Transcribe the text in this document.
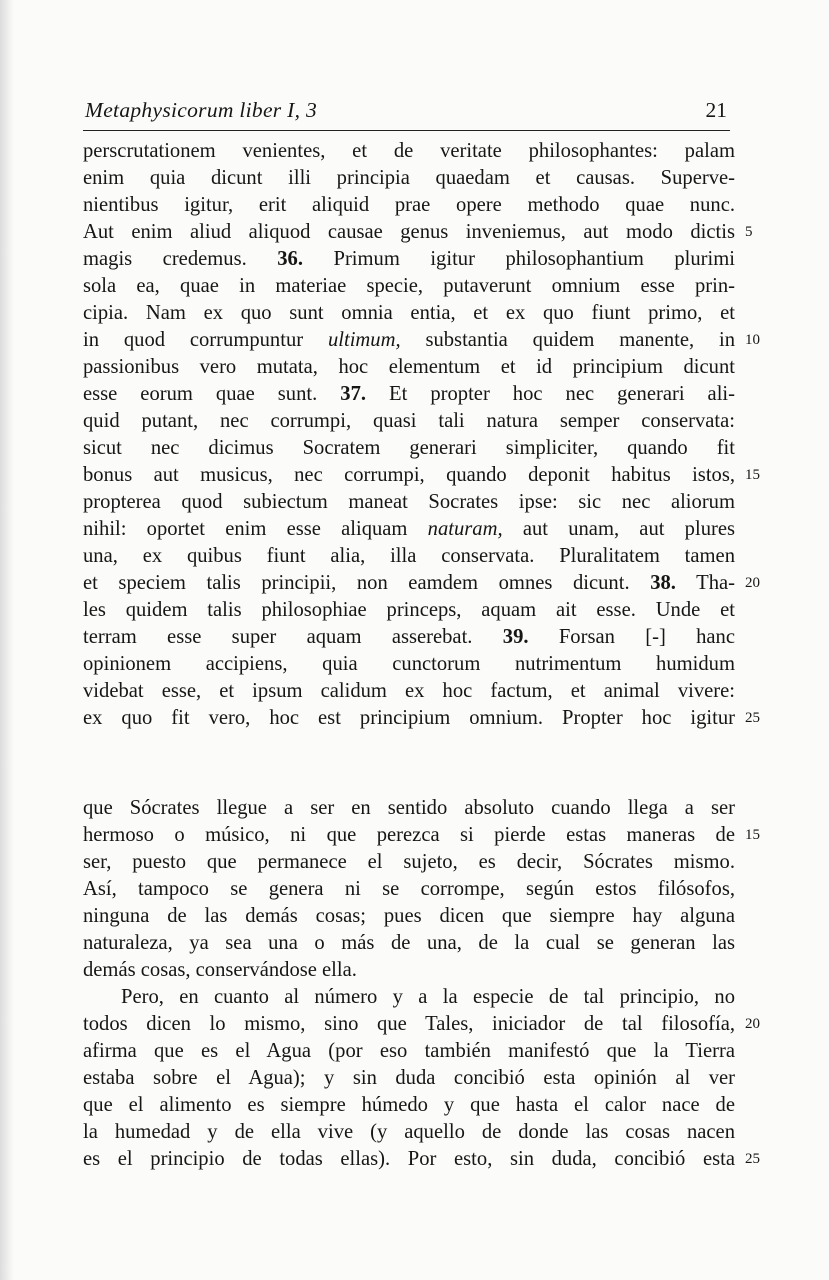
Metaphysicorum liber I, 3	21
perscrutationem venientes, et de veritate philosophantes: palam
enim quia dicunt illi principia quaedam et causas. Superve-
nientibus igitur, erit aliquid prae opere methodo quae nunc.
Aut enim aliud aliquod causae genus inveniemus, aut modo dictis 5
magis credemus. 36. Primum igitur philosophantium plurimi
sola ea, quae in materiae specie, putaverunt omnium esse prin-
cipia. Nam ex quo sunt omnia entia, et ex quo fiunt primo, et
in quod corrumpuntur ultimum, substantia quidem manente, in 10
passionibus vero mutata, hoc elementum et id principium dicunt
esse eorum quae sunt. 37. Et propter hoc nec generari ali-
quid putant, nec corrumpi, quasi tali natura semper conservata:
sicut nec dicimus Socratem generari simpliciter, quando fit
bonus aut musicus, nec corrumpi, quando deponit habitus istos, 15
propterea quod subiectum maneat Socrates ipse: sic nec aliorum
nihil: oportet enim esse aliquam naturam, aut unam, aut plures
una, ex quibus fiunt alia, illa conservata. Pluralitatem tamen
et speciem talis principii, non eamdem omnes dicunt. 38. Tha- 20
les quidem talis philosophiae princeps, aquam ait esse. Unde et
terram esse super aquam asserebat. 39. Forsan [-] hanc
opinionem accipiens, quia cunctorum nutrimentum humidum
videbat esse, et ipsum calidum ex hoc factum, et animal vivere:
ex quo fit vero, hoc est principium omnium. Propter hoc igitur 25
que Sócrates llegue a ser en sentido absoluto cuando llega a ser
hermoso o músico, ni que perezca si pierde estas maneras de 15
ser, puesto que permanece el sujeto, es decir, Sócrates mismo.
Así, tampoco se genera ni se corrompe, según estos filósofos,
ninguna de las demás cosas; pues dicen que siempre hay alguna
naturaleza, ya sea una o más de una, de la cual se generan las
demás cosas, conservándose ella.
Pero, en cuanto al número y a la especie de tal principio, no
todos dicen lo mismo, sino que Tales, iniciador de tal filosofía, 20
afirma que es el Agua (por eso también manifestó que la Tierra
estaba sobre el Agua); y sin duda concibió esta opinión al ver
que el alimento es siempre húmedo y que hasta el calor nace de
la humedad y de ella vive (y aquello de donde las cosas nacen
es el principio de todas ellas). Por esto, sin duda, concibió esta 25
